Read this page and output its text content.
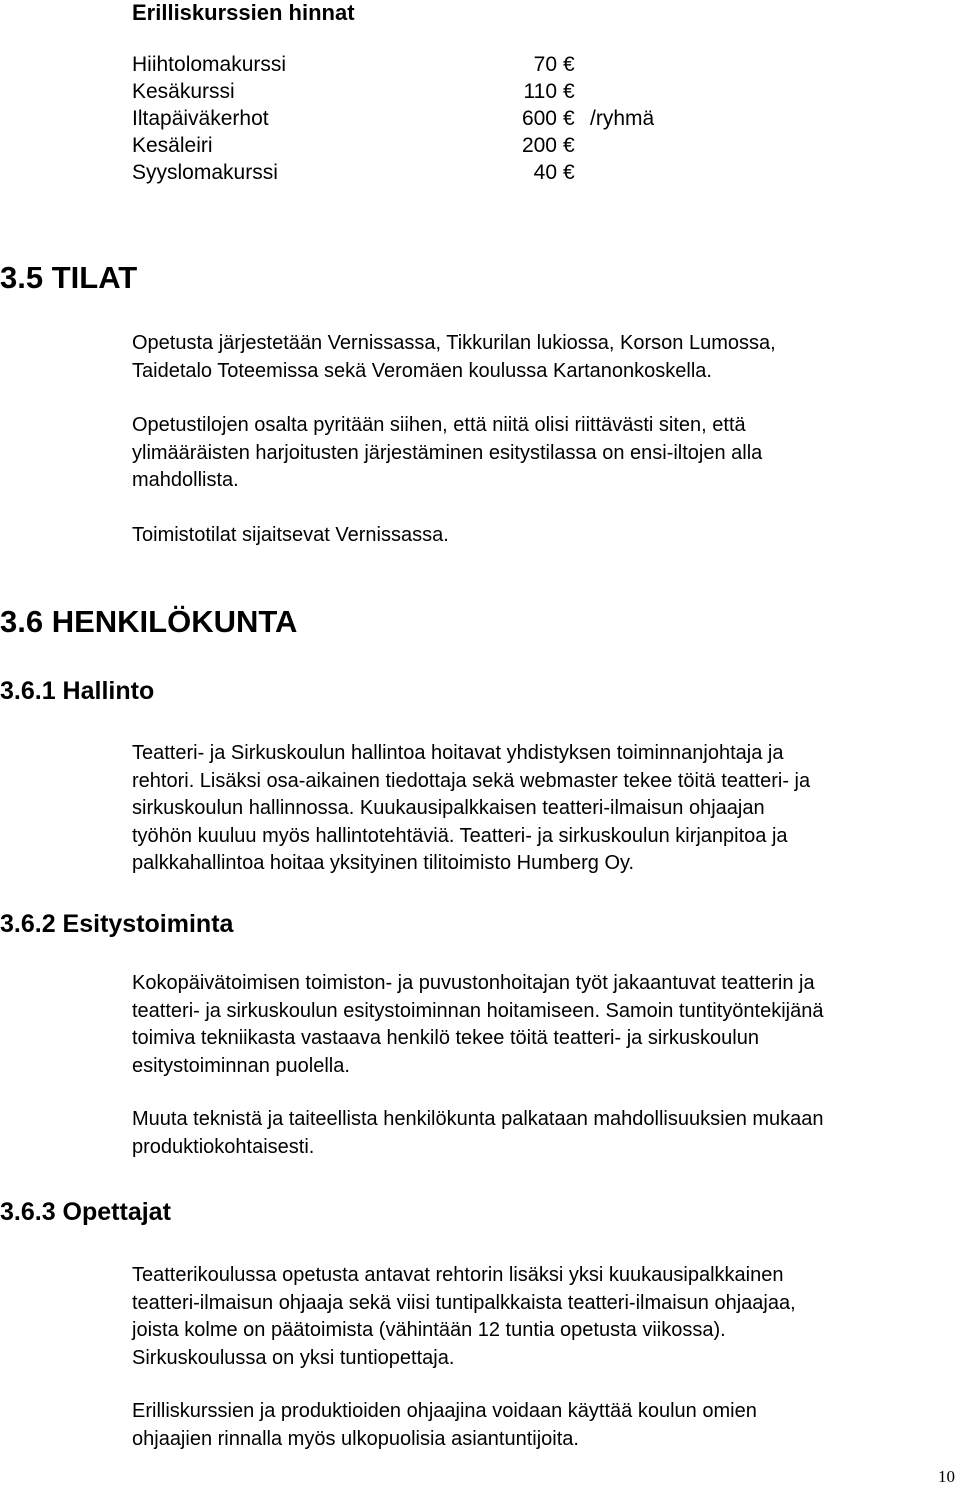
Erilliskurssien hinnat
Hiihtolomakurssi	70 €
Kesäkurssi	110 €
Iltapäiväkerhot	600 € /ryhmä
Kesäleiri	200 €
Syyslomakurssi	40 €
3.5 TILAT
Opetusta järjestetään Vernissassa, Tikkurilan lukiossa, Korson Lumossa,
Taidetalo Toteemissa sekä Veromäen koulussa Kartanonkoskella.
Opetustilojen osalta pyritään siihen, että niitä olisi riittävästi siten, että
ylimääräisten harjoitusten järjestäminen esitystilassa on ensi-iltojen alla
mahdollista.
Toimistotilat sijaitsevat Vernissassa.
3.6 HENKILÖKUNTA
3.6.1 Hallinto
Teatteri- ja Sirkuskoulun hallintoa hoitavat yhdistyksen toiminnanjohtaja ja
rehtori. Lisäksi osa-aikainen tiedottaja sekä webmaster tekee töitä teatteri- ja
sirkuskoulun hallinnossa. Kuukausipalkkaisen teatteri-ilmaisun ohjaajan
työhön kuuluu myös hallintotehtäviä. Teatteri- ja sirkuskoulun kirjanpitoa ja
palkkahallintoa hoitaa yksityinen tilitoimisto Humberg Oy.
3.6.2 Esitystoiminta
Kokopäivätoimisen toimiston- ja puvustonhoitajan työt jakaantuvat teatterin ja
teatteri- ja sirkuskoulun esitystoiminnan hoitamiseen. Samoin tuntityöntekijänä
toimiva tekniikasta vastaava henkilö tekee töitä teatteri- ja sirkuskoulun
esitystoiminnan puolella.
Muuta teknistä ja taiteellista henkilökunta palkataan mahdollisuuksien mukaan
produktiokohtaisesti.
3.6.3 Opettajat
Teatterikoulussa opetusta antavat rehtorin lisäksi yksi kuukausipalkkainen
teatteri-ilmaisun ohjaaja sekä viisi tuntipalkkaista teatteri-ilmaisun ohjaajaa,
joista kolme on päätoimista (vähintään 12 tuntia opetusta viikossa).
Sirkuskoulussa on yksi tuntiopettaja.
Erilliskurssien ja produktioiden ohjaajina voidaan käyttää koulun omien
ohjaajien rinnalla myös ulkopuolisia asiantuntijoita.
10
